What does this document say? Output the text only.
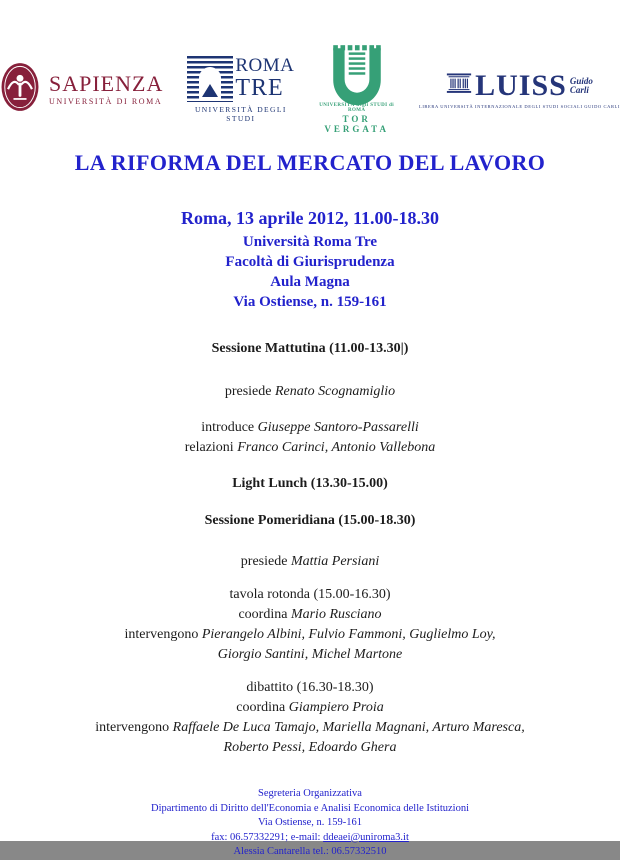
SAPIENZA
UNIVERSITÀ DI ROMA
ROMA
TRE
UNIVERSITÀ DEGLI STUDI
UNIVERSITÀ degli STUDI di ROMA
TOR VERGATA
LUISS Guido
Carli
LIBERA UNIVERSITÀ INTERNAZIONALE DEGLI STUDI SOCIALI GUIDO CARLI
LA RIFORMA DEL MERCATO DEL LAVORO
Roma, 13 aprile 2012, 11.00-18.30
Università Roma Tre
Facoltà di Giurisprudenza
Aula Magna
Via Ostiense, n. 159-161
Sessione Mattutina (11.00-13.30|)
presiede Renato Scognamiglio
introduce Giuseppe Santoro-Passarelli
relazioni Franco Carinci, Antonio Vallebona
Light Lunch (13.30-15.00)
Sessione Pomeridiana (15.00-18.30)
presiede Mattia Persiani
tavola rotonda (15.00-16.30)
coordina Mario Rusciano
intervengono Pierangelo Albini, Fulvio Fammoni, Guglielmo Loy,
Giorgio Santini, Michel Martone
dibattito (16.30-18.30)
coordina Giampiero Proia
intervengono Raffaele De Luca Tamajo, Mariella Magnani, Arturo Maresca,
Roberto Pessi, Edoardo Ghera
Segreteria Organizzativa
Dipartimento di Diritto dell'Economia e Analisi Economica delle Istituzioni
Via Ostiense, n. 159-161
fax: 06.57332291; e-mail: ddeaei@uniroma3.it
Alessia Cantarella tel.: 06.57332510
